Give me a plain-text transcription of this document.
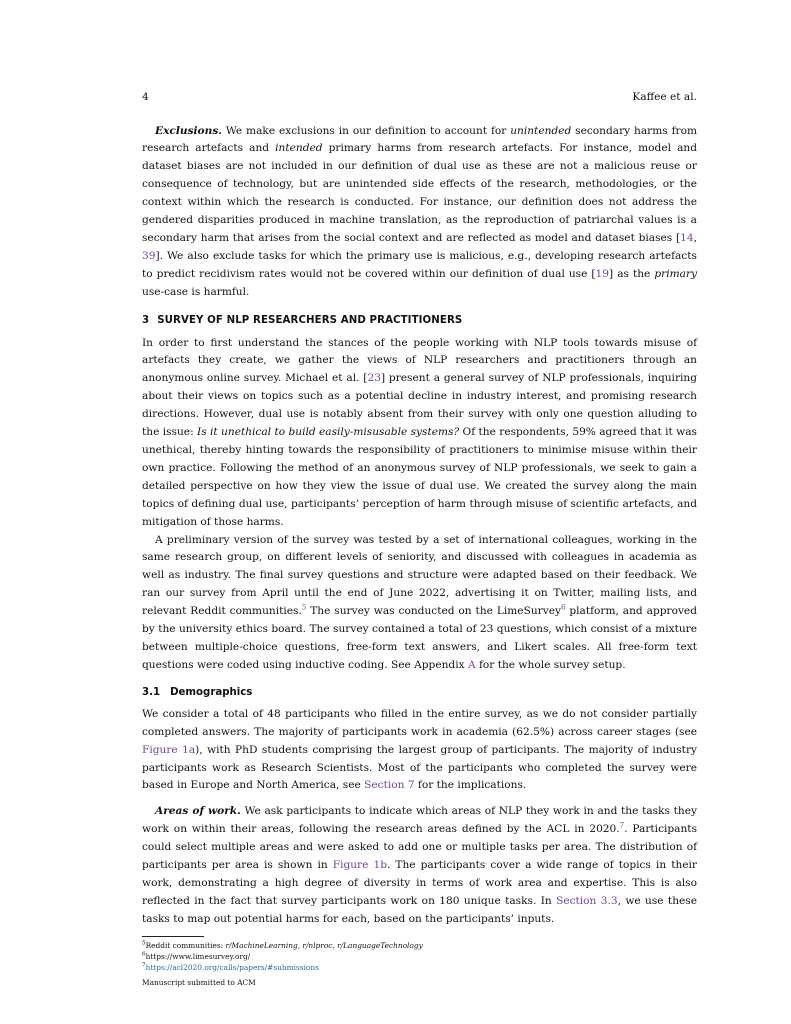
4	Kaffee et al.

Exclusions. We make exclusions in our definition to account for unintended secondary harms from research artefacts and intended primary harms from research artefacts. For instance, model and dataset biases are not included in our definition of dual use as these are not a malicious reuse or consequence of technology, but are unintended side effects of the research, methodologies, or the context within which the research is conducted. For instance, our definition does not address the gendered disparities produced in machine translation, as the reproduction of patriarchal values is a secondary harm that arises from the social context and are reflected as model and dataset biases [14, 39]. We also exclude tasks for which the primary use is malicious, e.g., developing research artefacts to predict recidivism rates would not be covered within our definition of dual use [19] as the primary use-case is harmful.

3 SURVEY OF NLP RESEARCHERS AND PRACTITIONERS

In order to first understand the stances of the people working with NLP tools towards misuse of artefacts they create, we gather the views of NLP researchers and practitioners through an anonymous online survey. Michael et al. [23] present a general survey of NLP professionals, inquiring about their views on topics such as a potential decline in industry interest, and promising research directions. However, dual use is notably absent from their survey with only one question alluding to the issue: Is it unethical to build easily-misusable systems? Of the respondents, 59% agreed that it was unethical, thereby hinting towards the responsibility of practitioners to minimise misuse within their own practice. Following the method of an anonymous survey of NLP professionals, we seek to gain a detailed perspective on how they view the issue of dual use. We created the survey along the main topics of defining dual use, participants’ perception of harm through misuse of scientific artefacts, and mitigation of those harms.

A preliminary version of the survey was tested by a set of international colleagues, working in the same research group, on different levels of seniority, and discussed with colleagues in academia as well as industry. The final survey questions and structure were adapted based on their feedback. We ran our survey from April until the end of June 2022, advertising it on Twitter, mailing lists, and relevant Reddit communities.$^5$ The survey was conducted on the LimeSurvey$^6$ platform, and approved by the university ethics board. The survey contained a total of 23 questions, which consist of a mixture between multiple-choice questions, free-form text answers, and Likert scales. All free-form text questions were coded using inductive coding. See Appendix A for the whole survey setup.

3.1 Demographics

We consider a total of 48 participants who filled in the entire survey, as we do not consider partially completed answers. The majority of participants work in academia (62.5%) across career stages (see Figure 1a), with PhD students comprising the largest group of participants. The majority of industry participants work as Research Scientists. Most of the participants who completed the survey were based in Europe and North America, see Section 7 for the implications.

Areas of work. We ask participants to indicate which areas of NLP they work in and the tasks they work on within their areas, following the research areas defined by the ACL in 2020.$^7$. Participants could select multiple areas and were asked to add one or multiple tasks per area. The distribution of participants per area is shown in Figure 1b. The participants cover a wide range of topics in their work, demonstrating a high degree of diversity in terms of work area and expertise. This is also reflected in the fact that survey participants work on 180 unique tasks. In Section 3.3, we use these tasks to map out potential harms for each, based on the participants’ inputs.

$^5$Reddit communities: r/MachineLearning, r/nlproc, r/LanguageTechnology
$^6$https://www.limesurvey.org/
$^7$https://acl2020.org/calls/papers/#submissions
Manuscript submitted to ACM
